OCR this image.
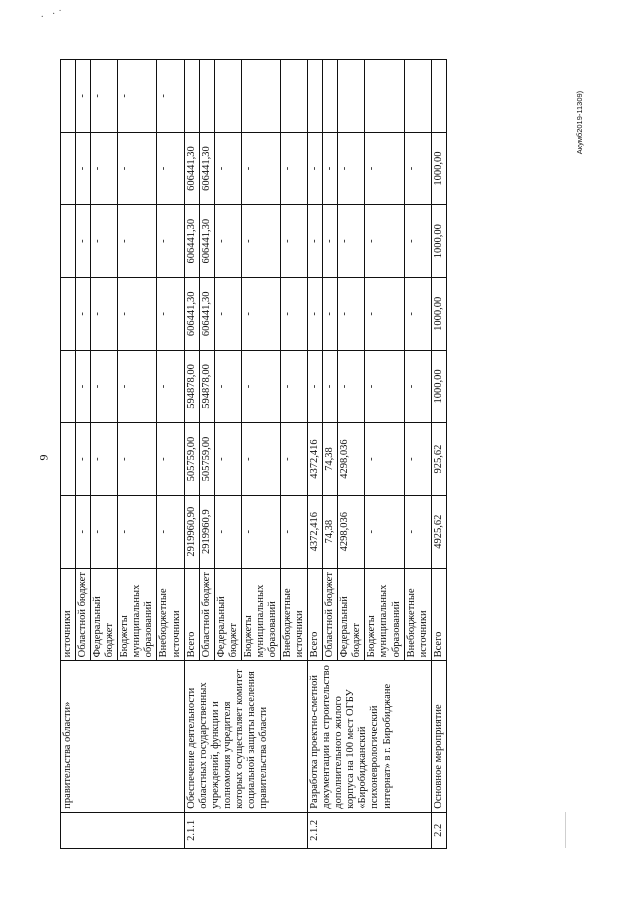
. ·˙
9
Акумб2019-11309)
	правительства области»	источники							
		Областной бюджет	-	-	-	-	-	-	-
		Федеральный бюджет	-	-	-	-	-	-	-
		Бюджеты муниципальных образований	-	-	-	-	-	-	-
		Внебюджетные источники	-	-	-	-	-	-	-
2.1.1	Обеспечение деятельности областных государственных учреждений, функции и полномочия учредителя которых осуществляет комитет социальной защиты населения правительства области	Всего	2919960,90	505759,00	594878,00	606441,30	606441,30	606441,30	
		Областной бюджет	2919960,9	505759,00	594878,00	606441,30	606441,30	606441,30	
		Федеральный бюджет	-	-	-	-	-	-	
		Бюджеты муниципальных образований	-	-	-	-	-	-	
		Внебюджетные источники	-	-	-	-	-	-	
2.1.2	Разработка проектно-сметной документации на строительство дополнительного жилого корпуса на 100 мест ОГБУ «Биробиджанский психоневрологический интернат» в г. Биробиджане	Всего	4372,416	4372,416	-	-	-	-	
		Областной бюджет	74,38	74,38	-	-	-	-	
		Федеральный бюджет	4298,036	4298,036	-	-	-	-	
		Бюджеты муниципальных образований	-	-	-	-	-	-	
		Внебюджетные источники	-	-	-	-	-	-	
2.2	Основное мероприятие	Всего	4925,62	925,62	1000,00	1000,00	1000,00	1000,00	
